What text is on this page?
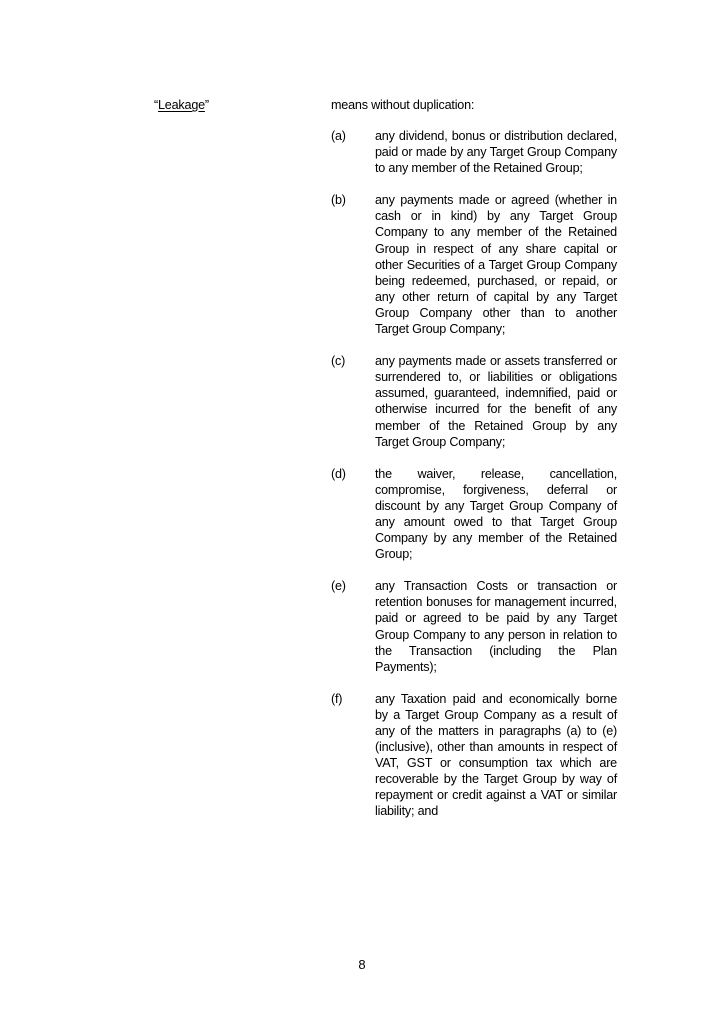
“Leakage”	means without duplication:
(a)	any dividend, bonus or distribution declared, paid or made by any Target Group Company to any member of the Retained Group;
(b)	any payments made or agreed (whether in cash or in kind) by any Target Group Company to any member of the Retained Group in respect of any share capital or other Securities of a Target Group Company being redeemed, purchased, or repaid, or any other return of capital by any Target Group Company other than to another Target Group Company;
(c)	any payments made or assets transferred or surrendered to, or liabilities or obligations assumed, guaranteed, indemnified, paid or otherwise incurred for the benefit of any member of the Retained Group by any Target Group Company;
(d)	the waiver, release, cancellation, compromise, forgiveness, deferral or discount by any Target Group Company of any amount owed to that Target Group Company by any member of the Retained Group;
(e)	any Transaction Costs or transaction or retention bonuses for management incurred, paid or agreed to be paid by any Target Group Company to any person in relation to the Transaction (including the Plan Payments);
(f)	any Taxation paid and economically borne by a Target Group Company as a result of any of the matters in paragraphs (a) to (e) (inclusive), other than amounts in respect of VAT, GST or consumption tax which are recoverable by the Target Group by way of repayment or credit against a VAT or similar liability; and
8
